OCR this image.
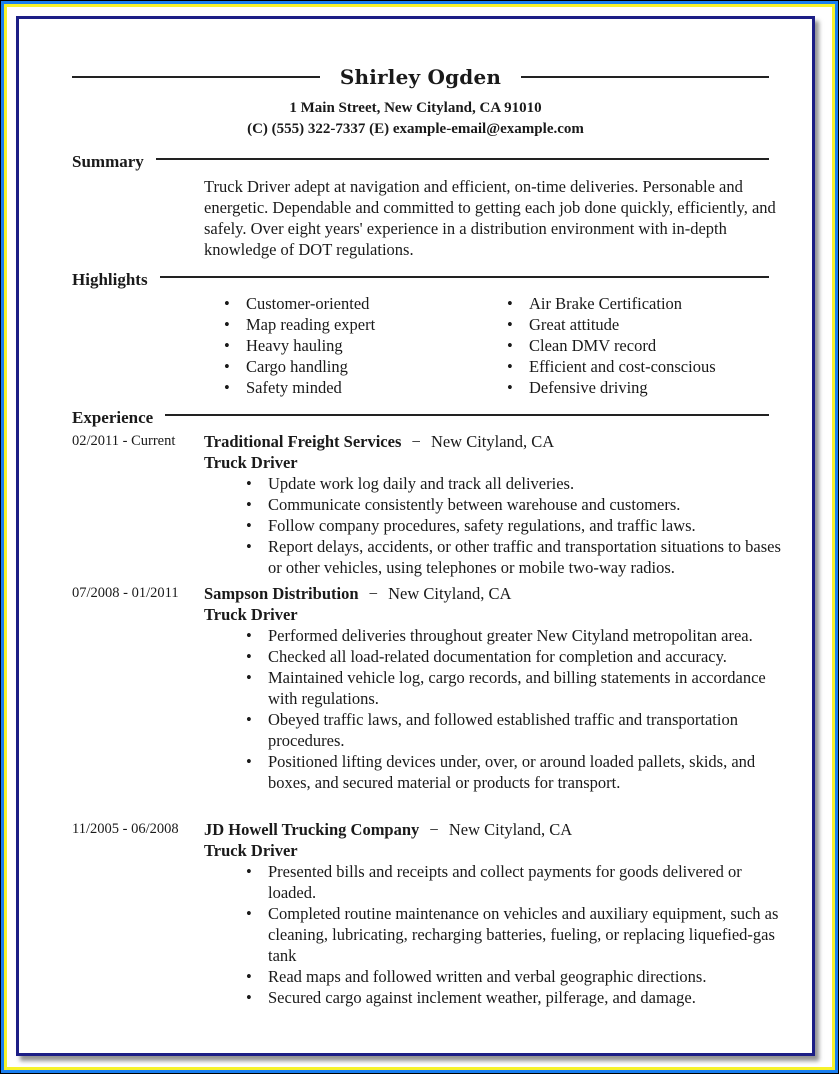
Shirley Ogden
1 Main Street, New Cityland, CA 91010
(C) (555) 322-7337 (E) example-email@example.com
Summary
Truck Driver adept at navigation and efficient, on-time deliveries. Personable and energetic. Dependable and committed to getting each job done quickly, efficiently, and safely. Over eight years' experience in a distribution environment with in-depth knowledge of DOT regulations.
Highlights
• Customer-oriented
• Map reading expert
• Heavy hauling
• Cargo handling
• Safety minded
• Air Brake Certification
• Great attitude
• Clean DMV record
• Efficient and cost-conscious
• Defensive driving
Experience
02/2011 - Current Traditional Freight Services − New Cityland, CA
Truck Driver
• Update work log daily and track all deliveries.
• Communicate consistently between warehouse and customers.
• Follow company procedures, safety regulations, and traffic laws.
• Report delays, accidents, or other traffic and transportation situations to bases or other vehicles, using telephones or mobile two-way radios.
07/2008 - 01/2011 Sampson Distribution − New Cityland, CA
Truck Driver
• Performed deliveries throughout greater New Cityland metropolitan area.
• Checked all load-related documentation for completion and accuracy.
• Maintained vehicle log, cargo records, and billing statements in accordance with regulations.
• Obeyed traffic laws, and followed established traffic and transportation procedures.
• Positioned lifting devices under, over, or around loaded pallets, skids, and boxes, and secured material or products for transport.
11/2005 - 06/2008 JD Howell Trucking Company − New Cityland, CA
Truck Driver
• Presented bills and receipts and collect payments for goods delivered or loaded.
• Completed routine maintenance on vehicles and auxiliary equipment, such as cleaning, lubricating, recharging batteries, fueling, or replacing liquefied-gas tank
• Read maps and followed written and verbal geographic directions.
• Secured cargo against inclement weather, pilferage, and damage.
